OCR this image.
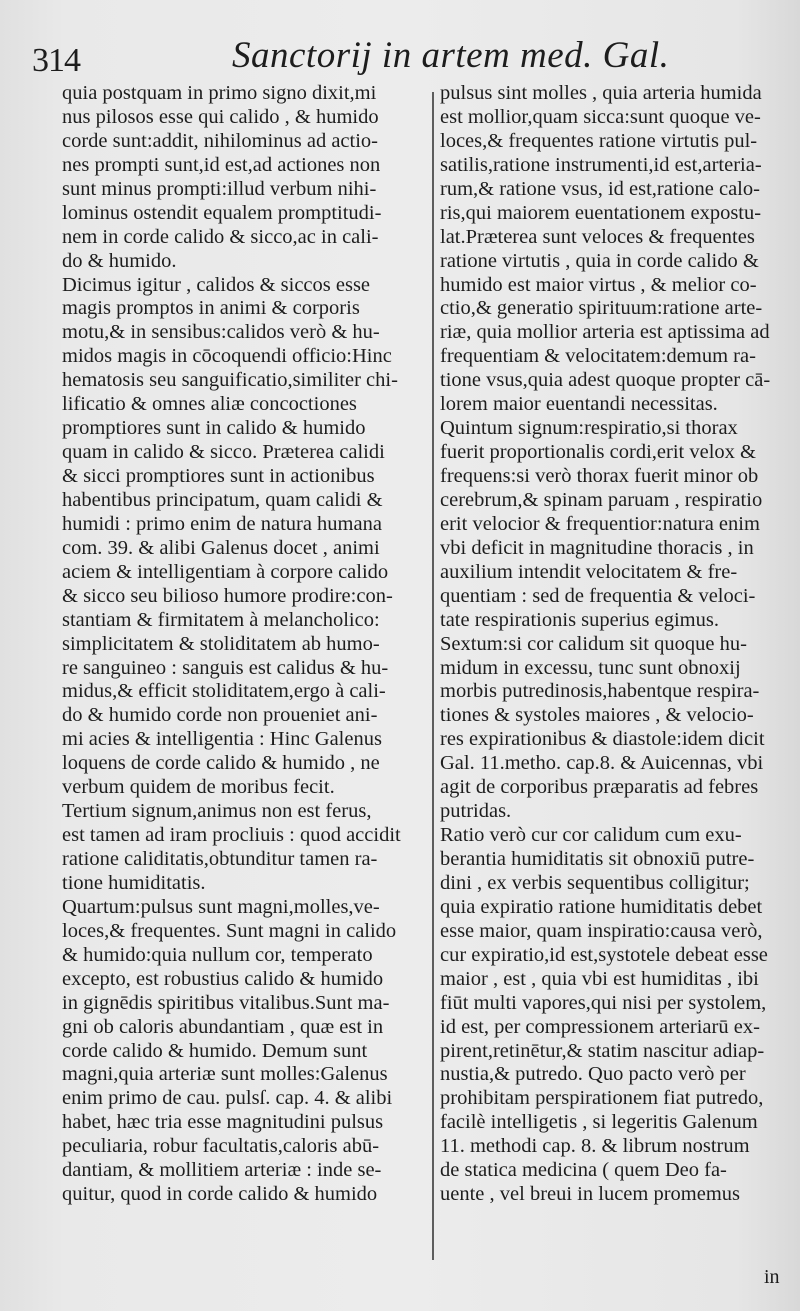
314	Sanctorij in artem med. Gal.
quia postquam in primo signo dixit,mi
nus pilosos esse qui calido , & humido
corde sunt:addit, nihilominus ad actio-
nes prompti sunt,id est,ad actiones non
sunt minus prompti:illud verbum nihi-
lominus ostendit equalem promptitudi-
nem in corde calido & sicco,ac in cali-
do & humido.
Dicimus igitur , calidos & siccos esse
magis promptos in animi & corporis
motu,& in sensibus:calidos verò & hu-
midos magis in cōcoquendi officio:Hinc
hematosis seu sanguificatio,similiter chi-
lificatio & omnes aliæ concoctiones
promptiores sunt in calido & humido
quam in calido & sicco. Præterea calidi
& sicci promptiores sunt in actionibus
habentibus principatum, quam calidi &
humidi : primo enim de natura humana
com. 39. & alibi Galenus docet , animi
aciem & intelligentiam à corpore calido
& sicco seu bilioso humore prodire:con-
stantiam & firmitatem à melancholico:
simplicitatem & stoliditatem ab humo-
re sanguineo : sanguis est calidus & hu-
midus,& efficit stoliditatem,ergo à cali-
do & humido corde non proueniet ani-
mi acies & intelligentia : Hinc Galenus
loquens de corde calido & humido , ne
verbum quidem de moribus fecit.
Tertium signum,animus non est ferus,
est tamen ad iram procliuis : quod accidit
ratione caliditatis,obtunditur tamen ra-
tione humiditatis.
Quartum:pulsus sunt magni,molles,ve-
loces,& frequentes. Sunt magni in calido
& humido:quia nullum cor, temperato
excepto, est robustius calido & humido
in gignēdis spiritibus vitalibus.Sunt ma-
gni ob caloris abundantiam , quæ est in
corde calido & humido. Demum sunt
magni,quia arteriæ sunt molles:Galenus
enim primo de cau. pulsſ. cap. 4. & alibi
habet, hæc tria esse magnitudini pulsus
peculiaria, robur facultatis,caloris abū-
dantiam, & mollitiem arteriæ : inde se-
quitur, quod in corde calido & humido
pulsus sint molles , quia arteria humida
est mollior,quam sicca:sunt quoque ve-
loces,& frequentes ratione virtutis pul-
satilis,ratione instrumenti,id est,arteria-
rum,& ratione vsus, id est,ratione calo-
ris,qui maiorem euentationem expostu-
lat.Præterea sunt veloces & frequentes
ratione virtutis , quia in corde calido &
humido est maior virtus , & melior co-
ctio,& generatio spirituum:ratione arte-
riæ, quia mollior arteria est aptissima ad
frequentiam & velocitatem:demum ra-
tione vsus,quia adest quoque propter cā-
lorem maior euentandi necessitas.
Quintum signum:respiratio,si thorax
fuerit proportionalis cordi,erit velox &
frequens:si verò thorax fuerit minor ob
cerebrum,& spinam paruam , respiratio
erit velocior & frequentior:natura enim
vbi deficit in magnitudine thoracis , in
auxilium intendit velocitatem & fre-
quentiam : sed de frequentia & veloci-
tate respirationis superius egimus.
Sextum:si cor calidum sit quoque hu-
midum in excessu, tunc sunt obnoxij
morbis putredinosis,habentque respira-
tiones & systoles maiores , & velocio-
res expirationibus & diastole:idem dicit
Gal. 11.metho. cap.8. & Auicennas, vbi
agit de corporibus præparatis ad febres
putridas.
Ratio verò cur cor calidum cum exu-
berantia humiditatis sit obnoxiū putre-
dini , ex verbis sequentibus colligitur;
quia expiratio ratione humiditatis debet
esse maior, quam inspiratio:causa verò,
cur expiratio,id est,systotele debeat esse
maior , est , quia vbi est humiditas , ibi
fiūt multi vapores,qui nisi per systolem,
id est, per compressionem arteriarū ex-
pirent,retinētur,& statim nascitur adiap-
nustia,& putredo. Quo pacto verò per
prohibitam perspirationem fiat putredo,
facilè intelligetis , si legeritis Galenum
11. methodi cap. 8. & librum nostrum
de statica medicina ( quem Deo fa-
uente , vel breui in lucem promemus
in
